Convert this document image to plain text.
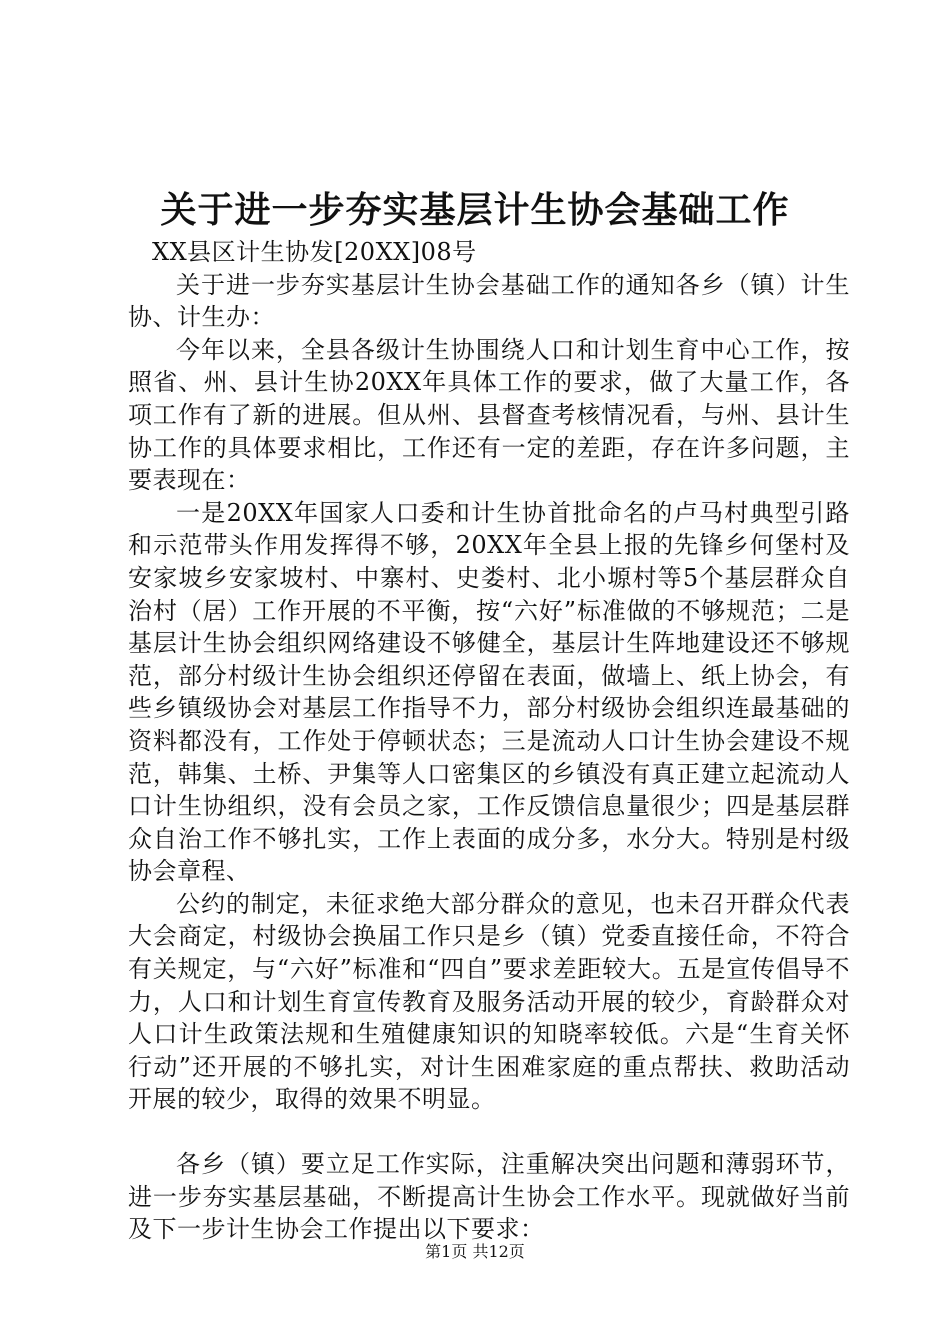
关于进一步夯实基层计生协会基础工作

XX县区计生协发[20XX]08号

关于进一步夯实基层计生协会基础工作的通知各乡（镇）计生协、计生办：

今年以来，全县各级计生协围绕人口和计划生育中心工作，按照省、州、县计生协20XX年具体工作的要求，做了大量工作，各项工作有了新的进展。但从州、县督查考核情况看，与州、县计生协工作的具体要求相比，工作还有一定的差距，存在许多问题，主要表现在：

一是20XX年国家人口委和计生协首批命名的卢马村典型引路和示范带头作用发挥得不够，20XX年全县上报的先锋乡何堡村及安家坡乡安家坡村、中寨村、史娄村、北小塬村等5个基层群众自治村（居）工作开展的不平衡，按“六好”标准做的不够规范；二是基层计生协会组织网络建设不够健全，基层计生阵地建设还不够规范，部分村级计生协会组织还停留在表面，做墙上、纸上协会，有些乡镇级协会对基层工作指导不力，部分村级协会组织连最基础的资料都没有，工作处于停顿状态；三是流动人口计生协会建设不规范，韩集、土桥、尹集等人口密集区的乡镇没有真正建立起流动人口计生协组织，没有会员之家，工作反馈信息量很少；四是基层群众自治工作不够扎实，工作上表面的成分多，水分大。特别是村级协会章程、

公约的制定，未征求绝大部分群众的意见，也未召开群众代表大会商定，村级协会换届工作只是乡（镇）党委直接任命，不符合有关规定，与“六好”标准和“四自”要求差距较大。五是宣传倡导不力，人口和计划生育宣传教育及服务活动开展的较少，育龄群众对人口计生政策法规和生殖健康知识的知晓率较低。六是“生育关怀行动”还开展的不够扎实，对计生困难家庭的重点帮扶、救助活动开展的较少，取得的效果不明显。

各乡（镇）要立足工作实际，注重解决突出问题和薄弱环节，进一步夯实基层基础，不断提高计生协会工作水平。现就做好当前及下一步计生协会工作提出以下要求：

第1页 共12页
